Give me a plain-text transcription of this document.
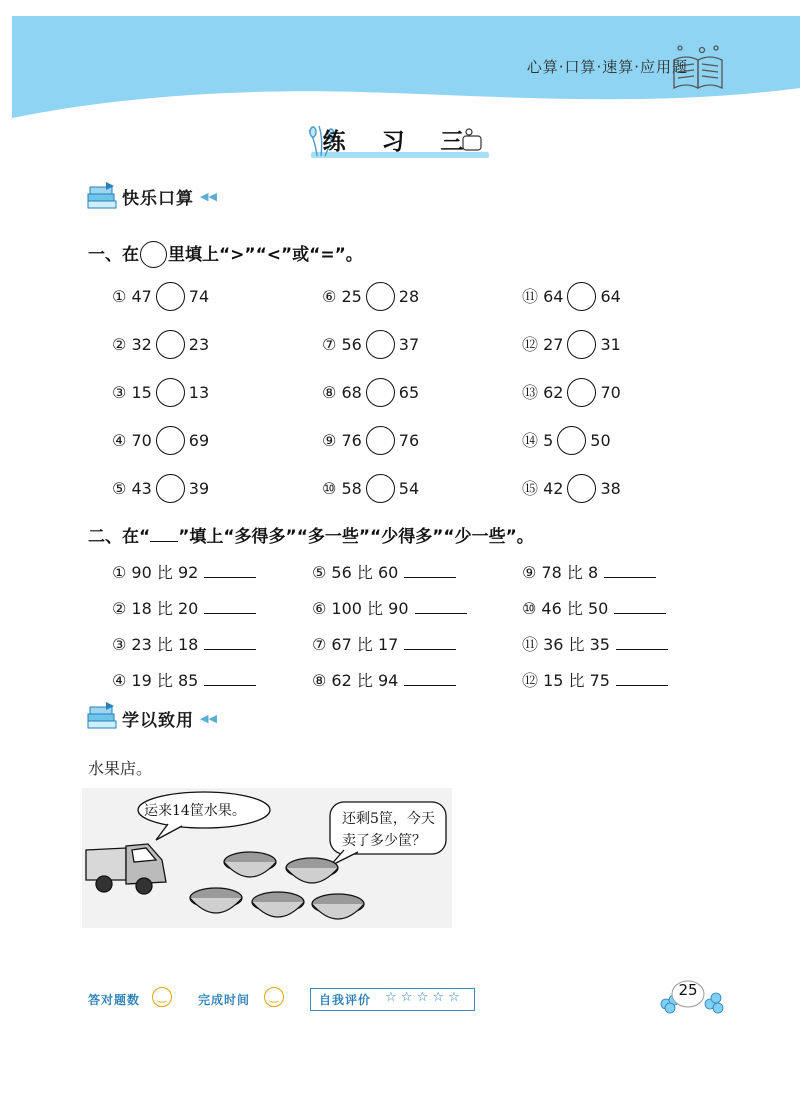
心算·口算·速算·应用题
练 习 三
快乐口算 ◀◀
一、在 里填上“>”“<”或“=”。
① 47 74	⑥ 25 28	⑪ 64 64
② 32 23	⑦ 56 37	⑫ 27 31
③ 15 13	⑧ 68 65	⑬ 62 70
④ 70 69	⑨ 76 76	⑭ 5 50
⑤ 43 39	⑩ 58 54	⑮ 42 38
二、在“ ”填上“多得多”“多一些”“少得多”“少一些”。
① 90 比 92	⑤ 56 比 60	⑨ 78 比 8
② 18 比 20	⑥ 100 比 90	⑩ 46 比 50
③ 23 比 18	⑦ 67 比 17	⑪ 36 比 35
④ 19 比 85	⑧ 62 比 94	⑫ 15 比 75
学以致用 ◀◀
水果店。
运来14筐水果。	还剩5筐，今天
卖了多少筐？
答对题数	‿	完成时间	‿	自我评价 ☆ ☆ ☆ ☆ ☆	25
